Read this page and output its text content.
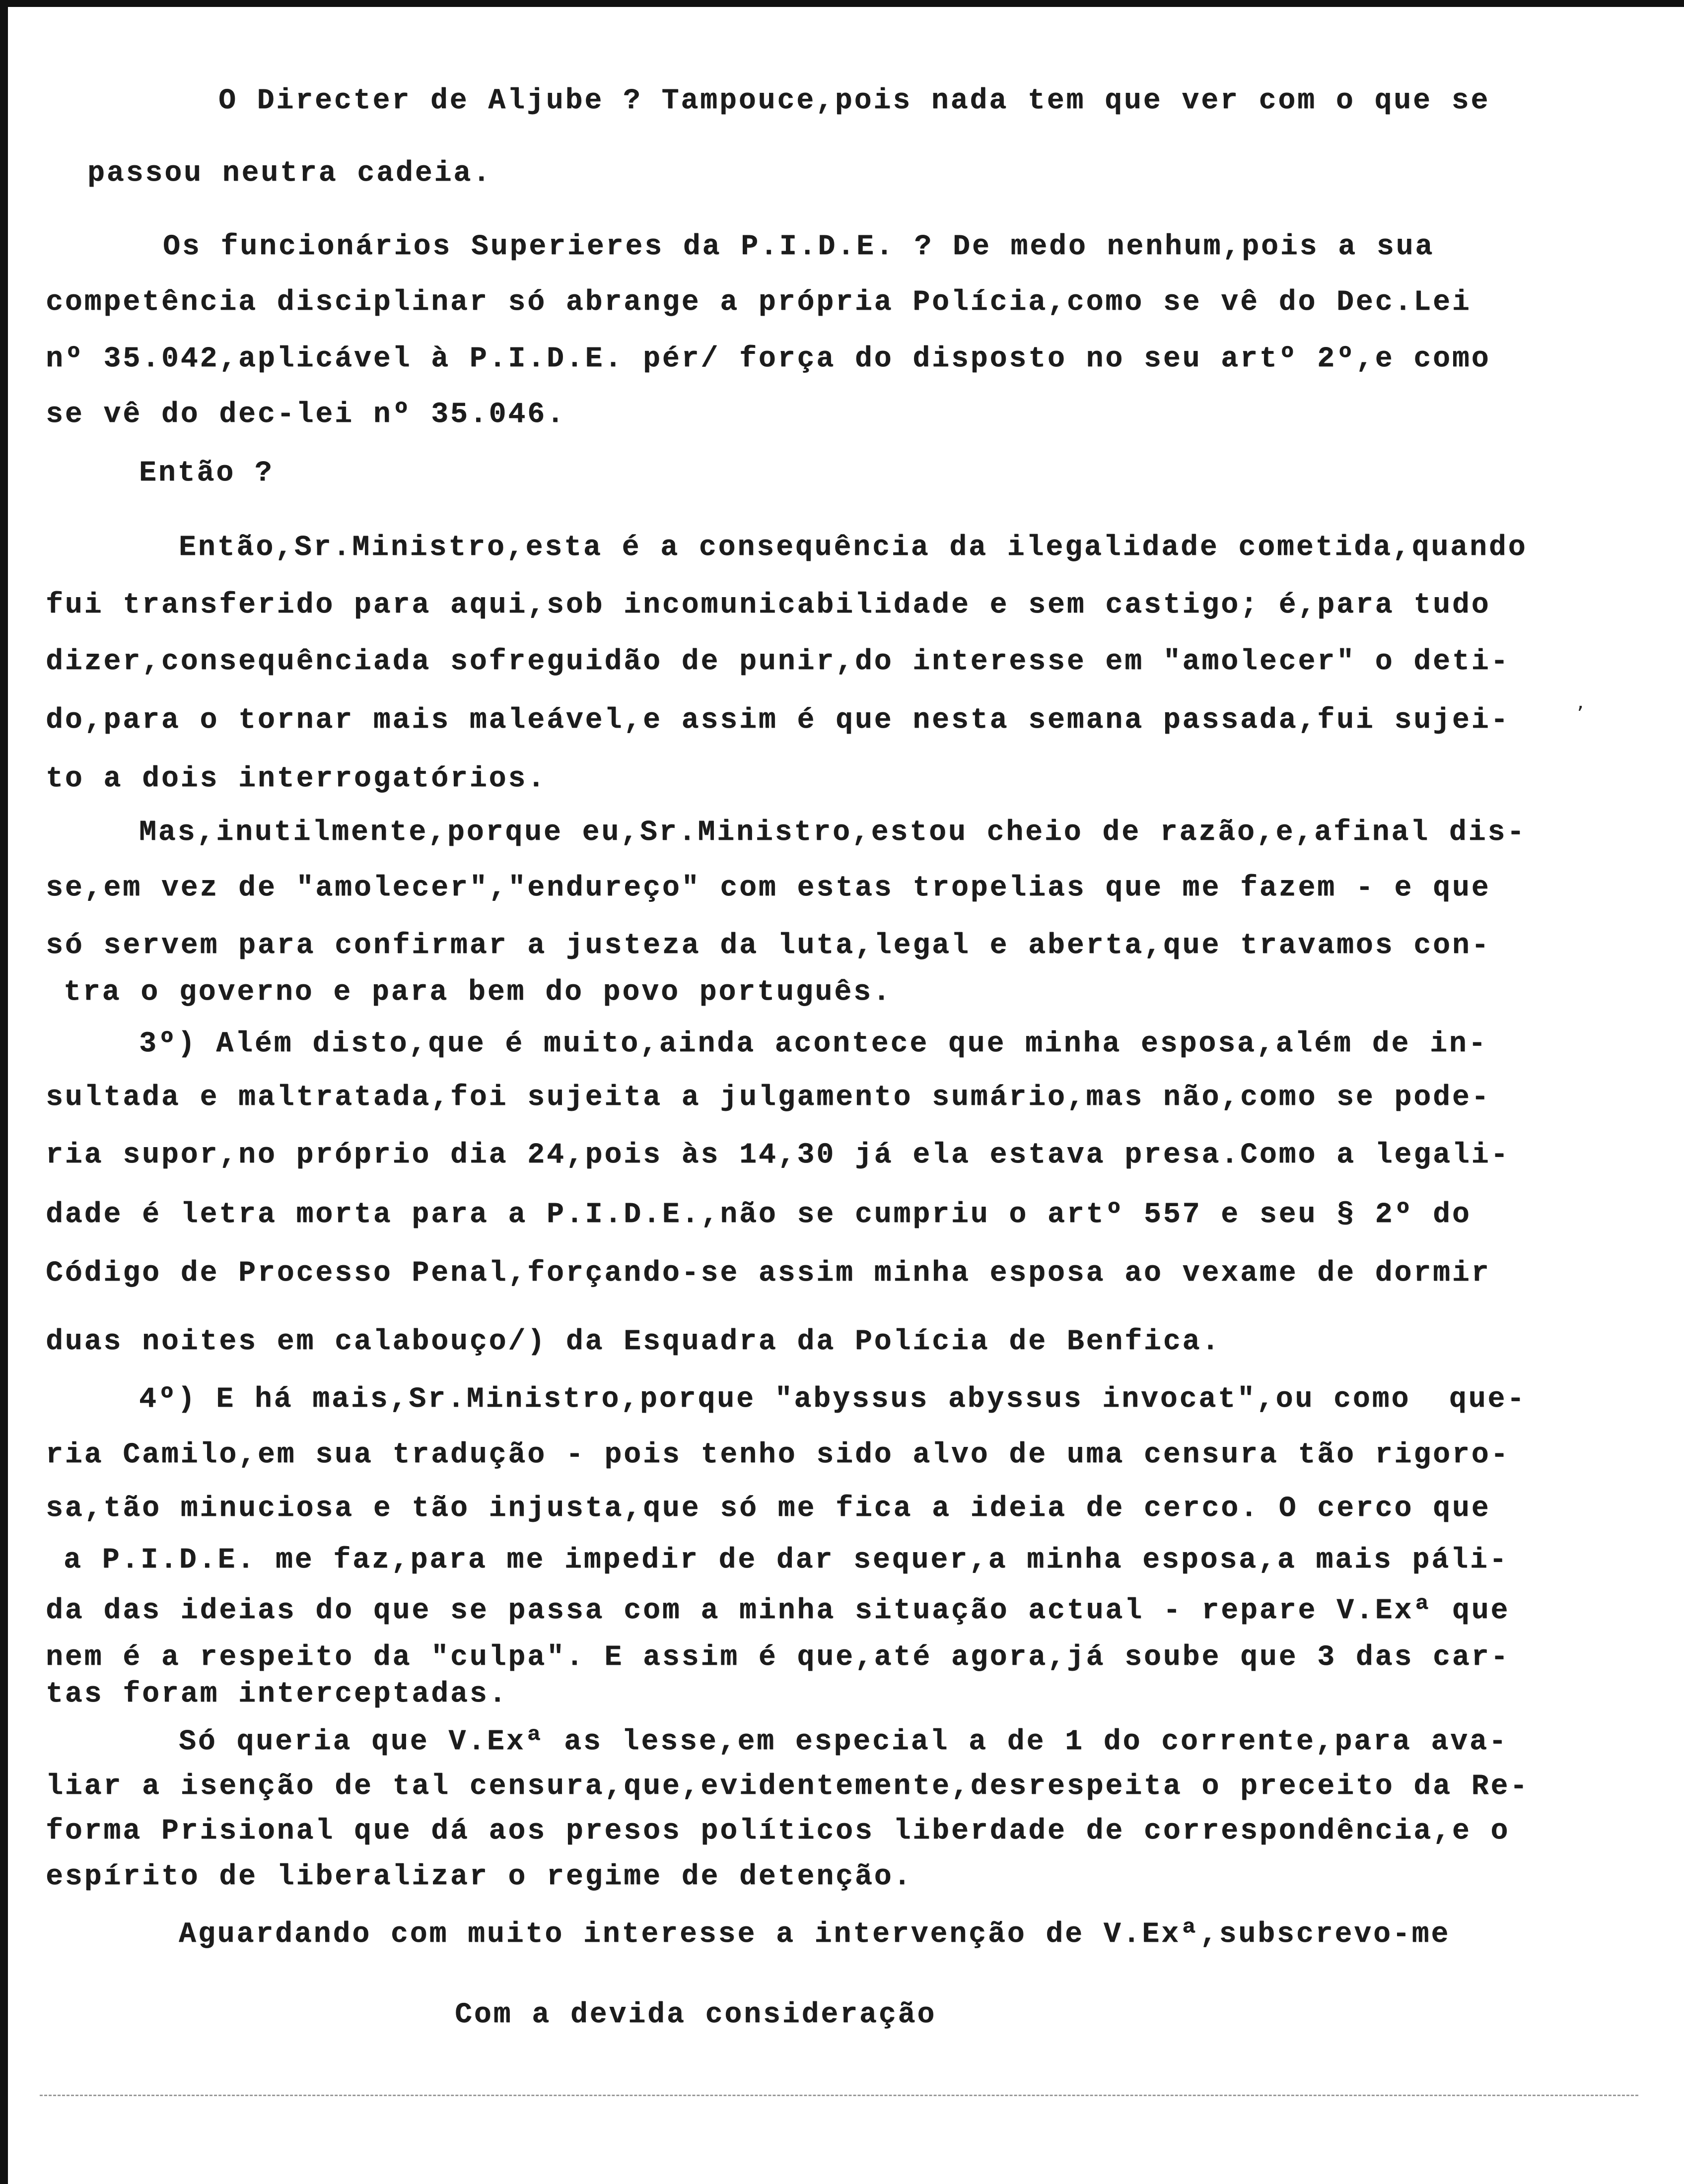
O Directer de Aljube ? Tampouce,pois nada tem que ver com o que se
passou neutra cadeia.
Os funcionários Superieres da P.I.D.E. ? De medo nenhum,pois a sua
competência disciplinar só abrange a própria Polícia,como se vê do Dec.Lei
nº 35.042,aplicável à P.I.D.E. pér/ força do disposto no seu artº 2º,e como
se vê do dec-lei nº 35.046.
Então ?
Então,Sr.Ministro,esta é a consequência da ilegalidade cometida,quando
fui transferido para aqui,sob incomunicabilidade e sem castigo; é,para tudo
dizer,consequênciada sofreguidão de punir,do interesse em "amolecer" o deti-
do,para o tornar mais maleável,e assim é que nesta semana passada,fui sujei-
to a dois interrogatórios.
Mas,inutilmente,porque eu,Sr.Ministro,estou cheio de razão,e,afinal dis-
se,em vez de "amolecer","endureço" com estas tropelias que me fazem - e que
só servem para confirmar a justeza da luta,legal e aberta,que travamos con-
tra o governo e para bem do povo português.
3º) Além disto,que é muito,ainda acontece que minha esposa,além de in-
sultada e maltratada,foi sujeita a julgamento sumário,mas não,como se pode-
ria supor,no próprio dia 24,pois às 14,30 já ela estava presa.Como a legali-
dade é letra morta para a P.I.D.E.,não se cumpriu o artº 557 e seu § 2º do
Código de Processo Penal,forçando-se assim minha esposa ao vexame de dormir
duas noites em calabouço/) da Esquadra da Polícia de Benfica.
4º) E há mais,Sr.Ministro,porque "abyssus abyssus invocat",ou como  que-
ria Camilo,em sua tradução - pois tenho sido alvo de uma censura tão rigoro-
sa,tão minuciosa e tão injusta,que só me fica a ideia de cerco. O cerco que
a P.I.D.E. me faz,para me impedir de dar sequer,a minha esposa,a mais páli-
da das ideias do que se passa com a minha situação actual - repare V.Exª que
nem é a respeito da "culpa". E assim é que,até agora,já soube que 3 das car-
tas foram interceptadas.
Só queria que V.Exª as lesse,em especial a de 1 do corrente,para ava-
liar a isenção de tal censura,que,evidentemente,desrespeita o preceito da Re-
forma Prisional que dá aos presos políticos liberdade de correspondência,e o
espírito de liberalizar o regime de detenção.
Aguardando com muito interesse a intervenção de V.Exª,subscrevo-me
Com a devida consideração
ʼ
